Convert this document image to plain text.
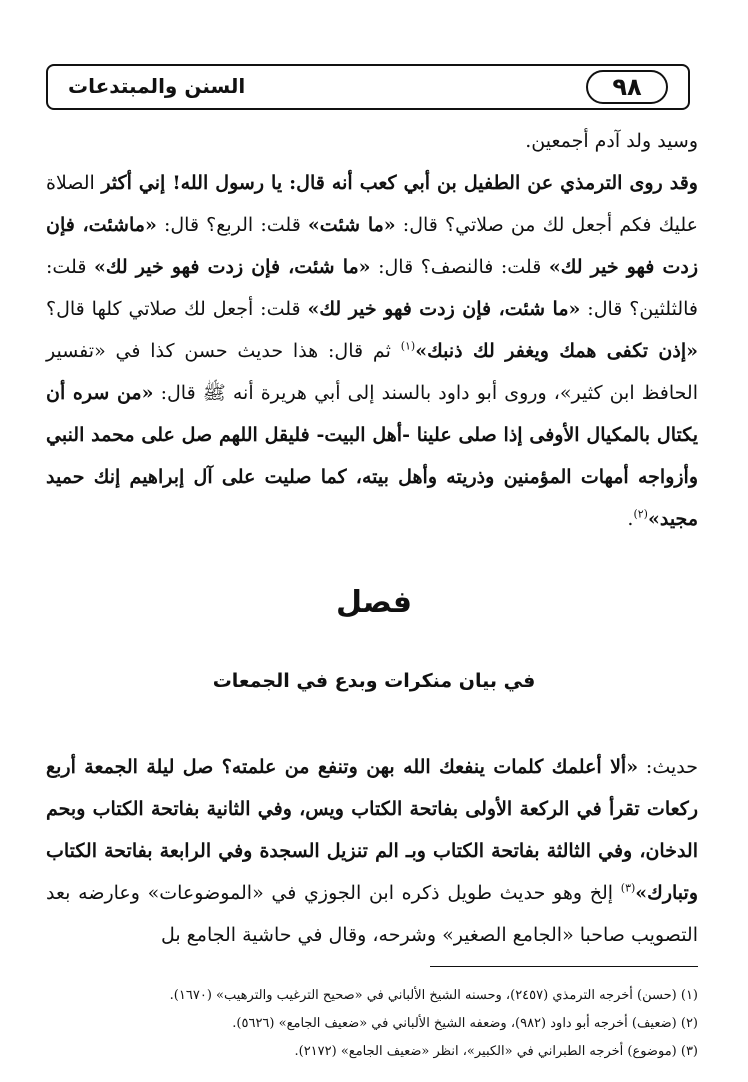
السنن والمبتدعات	٩٨

وسيد ولد آدم أجمعين.

وقد روى الترمذي عن الطفيل بن أبي كعب أنه قال: يا رسول الله! إني أكثر الصلاة عليك فكم أجعل لك من صلاتي؟ قال: «ما شئت» قلت: الربع؟ قال: «ماشئت، فإن زدت فهو خير لك» قلت: فالنصف؟ قال: «ما شئت، فإن زدت فهو خير لك» قلت: فالثلثين؟ قال: «ما شئت، فإن زدت فهو خير لك» قلت: أجعل لك صلاتي كلها قال؟ «إذن تكفى همك ويغفر لك ذنبك»$^{(١)}$ ثم قال: هذا حديث حسن كذا في «تفسير الحافظ ابن كثير»، وروى أبو داود بالسند إلى أبي هريرة أنه ﷺ قال: «من سره أن يكتال بالمكيال الأوفى إذا صلى علينا -أهل البيت- فليقل اللهم صل على محمد النبي وأزواجه أمهات المؤمنين وذريته وأهل بيته، كما صليت على آل إبراهيم إنك حميد مجيد»$^{(٢)}$.

فصل
في بيان منكرات وبدع في الجمعات

حديث: «ألا أعلمك كلمات ينفعك الله بهن وتنفع من علمته؟ صل ليلة الجمعة أربع ركعات تقرأ في الركعة الأولى بفاتحة الكتاب ويس، وفي الثانية بفاتحة الكتاب وبحم الدخان، وفي الثالثة بفاتحة الكتاب وبـ الم تنزيل السجدة وفي الرابعة بفاتحة الكتاب وتبارك»$^{(٣)}$ إلخ وهو حديث طويل ذكره ابن الجوزي في «الموضوعات» وعارضه بعد التصويب صاحبا «الجامع الصغير» وشرحه، وقال في حاشية الجامع بل

(١) (حسن) أخرجه الترمذي (٢٤٥٧)، وحسنه الشيخ الألباني في «صحيح الترغيب والترهيب» (١٦٧٠).
(٢) (ضعيف) أخرجه أبو داود (٩٨٢)، وضعفه الشيخ الألباني في «ضعيف الجامع» (٥٦٢٦).
(٣) (موضوع) أخرجه الطبراني في «الكبير»، انظر «ضعيف الجامع» (٢١٧٢).
